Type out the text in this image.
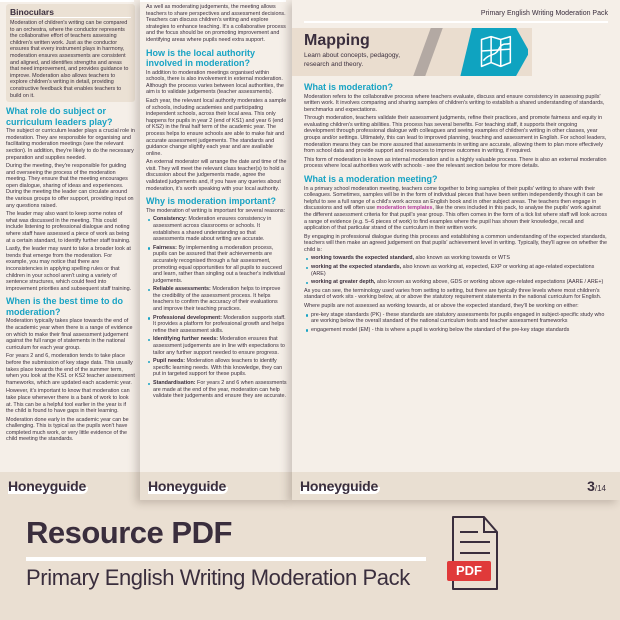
Binoculars

Moderation of children's writing can be compared to an orchestra, where the conductor represents the collaborative effort of teachers assessing children's written work. Just as the conductor ensures that every instrument plays in harmony, moderation ensures assessments are consistent and aligned, and identifies strengths and areas that need improvement, and provides guidance to improve. Moderation also allows teachers to explore children's writing in detail, providing constructive feedback that enables teachers to build on it.

What role do subject or curriculum leaders play?

The subject or curriculum leader plays a crucial role in moderation. They are responsible for organising and facilitating moderation meetings (see the relevant section). In addition, they're likely to do the necessary preparation and supplies needed.

During the meeting, they're responsible for guiding and overseeing the process of the moderation meeting. They ensure that the meeting encourages open dialogue, sharing of ideas and experiences. During the meeting the leader can circulate around the various groups to offer support, providing input on any questions raised.

The leader may also want to keep some notes of what was discussed in the meeting. This could include listening to professional dialogue and noting where staff have assessed a piece of work as being at a certain standard, to identify further staff training.

Lastly, the leader may want to take a broader look at trends that emerge from the moderation. For example, you may notice that there are inconsistencies in applying spelling rules or that children in your school aren't using a variety of sentence structures, which could feed into improvement priorities and subsequent staff training.

When is the best time to do moderation?

Moderation typically takes place towards the end of the academic year when there is a range of evidence on which to make their final assessment judgement against the full range of statements in the national curriculum for each year group.

For years 2 and 6, moderation tends to take place before the submission of key stage data. This usually takes place towards the end of the summer term, when you look at the KS1 or KS2 teacher assessment frameworks, which are updated each academic year.

However, it's important to know that moderation can take place whenever there is a bank of work to look at. This can be a helpful tool earlier in the year is if the child is found to have gaps in their learning.

Moderation done early in the academic year can be challenging. This is typical as the pupils won't have completed much work, or very little evidence of the child meeting the standards.

Honeyguide

As well as moderating judgements, the meeting allows teachers to share perspectives and assessment decisions. Teachers can discuss children's writing and explore strategies to enhance teaching. It's a collaborative process and the focus should be on promoting improvement and identifying areas where pupils need extra support.

How is the local authority involved in moderation?

In addition to moderation meetings organised within schools, there is also involvement in external moderation. Although the process varies between local authorities, the aim is to validate judgements (teacher assessments).

Each year, the relevant local authority moderates a sample of schools, including academies and participating independent schools, across their local area. This only happens for pupils in year 2 (end of KS1) and year 6 (end of KS2) in the final half term of the academic year. The process helps to ensure schools are able to make fair and accurate assessment judgements. The standards and guidance change slightly each year and are available online.

An external moderator will arrange the date and time of the visit. They will meet the relevant class teacher(s) to hold a discussion about the judgements made, agree the validated judgements and, if you have any queries about moderation, it's worth speaking with your local authority.

Why is moderation important?

The moderation of writing is important for several reasons:

Consistency: Moderation ensures consistency in assessment across classrooms or schools. It establishes a shared understanding so that assessments made about writing are accurate.
Fairness: By implementing a moderation process, pupils can be assured that their achievements are accurately recognised through a fair assessment, promoting equal opportunities for all pupils to succeed and learn, rather than singling out a teacher's individual judgements.
Reliable assessments: Moderation helps to improve the credibility of the assessment process. It helps teachers to confirm the accuracy of their evaluations and improve their teaching practices.
Professional development: Moderation supports staff. It provides a platform for professional growth and helps refine their assessment skills.
Identifying further needs: Moderation ensures that assessment judgements are in line with expectations to tailor any further support needed to ensure progress.
Pupil needs: Moderation allows teachers to identify specific learning needs. With this knowledge, they can put in targeted support for these pupils.
Standardisation: For years 2 and 6 when assessments are made at the end of the year, moderation can help validate their judgements and ensure they are accurate.
Honeyguide
Primary English Writing Moderation Pack
Mapping
Learn about concepts, pedagogy, research and theory.
What is moderation?

Moderation refers to the collaborative process where teachers evaluate, discuss and ensure consistency in assessing pupils' written work. It involves comparing and sharing samples of children's writing to establish a shared understanding of standards, benchmarks and expectations.

Through moderation, teachers validate their assessment judgments, refine their practices, and promote fairness and equity in evaluating children's writing abilities. This process has several benefits. For teaching staff, it supports their ongoing development through professional dialogue with colleagues and seeing examples of children's writing in other classes, year groups and/or settings. Ultimately, this can lead to improved planning, teaching and assessment in English. For school leaders, moderation means they can be more assured that assessments in writing are accurate, allowing them to plan more effectively from school data and provide support and resources to improve outcomes in writing, if required.

This form of moderation is known as internal moderation and is a highly valuable process. There is also an external moderation process where local authorities work with schools - see the relevant section below for more details.

What is a moderation meeting?

In a primary school moderation meeting, teachers come together to bring samples of their pupils' writing to share with their colleagues. Sometimes, samples will be in the form of individual pieces that have been written independently though it can be helpful to see a full range of a child's work across an English book and in other subject areas. The teachers then engage in discussions and will often use moderation templates, like the ones included in this pack, to analyse the pupils' work against the different assessment criteria for that pupil's year group. This often comes in the form of a tick list where staff will look across a range of evidence (e.g. 5–6 pieces of work) to find examples where the pupil has shown their knowledge, recall and application of that particular strand of the curriculum in their written work.

By engaging in professional dialogue during this process and establishing a common understanding of the expected standards, teachers will then make an agreed judgement on that pupils' achievement level in writing. Typically, they'll agree on whether the child is:

working towards the expected standard, also known as working towards or WTS
working at the expected standards, also known as working at, expected, EXP or working at age-related expectations (ARE)
working at greater depth, also known as working above, GDS or working above age-related expectations (AARE / ARE+)

As you can see, the terminology used varies from setting to setting, but there are typically three levels where most children's standard of work sits - working below, at or above the statutory requirement statements in the national curriculum for English.

Where pupils are not assessed as working towards, at or above the expected standard, they'll be working on either:

pre-key stage standards (PK) - these standards are statutory assessments for pupils engaged in subject-specific study who are working below the overall standard of the national curriculum tests and teacher assessment frameworks
engagement model (EM) - this is where a pupil is working below the standard of the pre-key stage standards
Honeyguide	3/14
Resource PDF
Primary English Writing Moderation Pack	PDF
